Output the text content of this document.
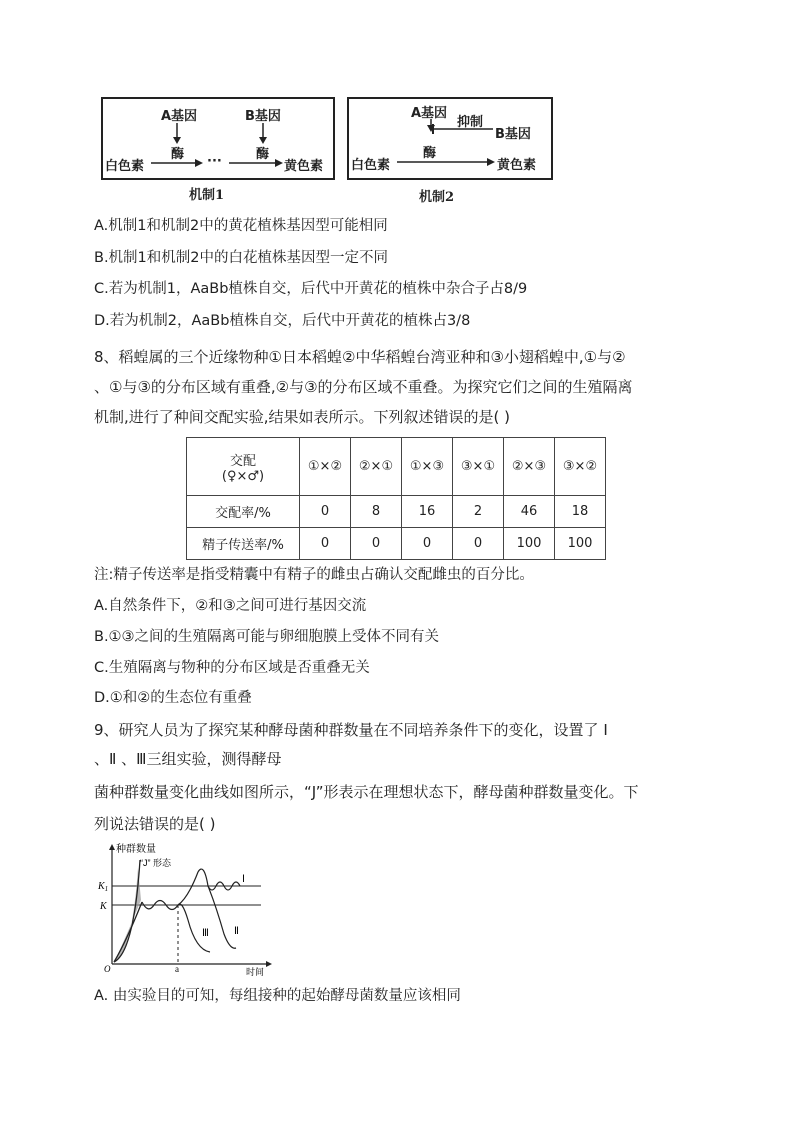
A基因	B基因
酶	酶
···
白色素	黄色素
机制1
A基因
抑制
B基因
酶
白色素	黄色素
机制2
A.机制1和机制2中的黄花植株基因型可能相同
B.机制1和机制2中的白花植株基因型一定不同
C.若为机制1，AaBb植株自交，后代中开黄花的植株中杂合子占8/9
D.若为机制2，AaBb植株自交，后代中开黄花的植株占3/8
8、稻蝗属的三个近缘物种①日本稻蝗②中华稻蝗台湾亚种和③小翅稻蝗中,①与②
、①与③的分布区域有重叠,②与③的分布区域不重叠。为探究它们之间的生殖隔离
机制,进行了种间交配实验,结果如表所示。下列叙述错误的是( )
交配
(♀×♂)	①×②	②×①	①×③	③×①	②×③	③×②
交配率/%	0	8	16	2	46	18
精子传送率/%	0	0	0	0	100	100
注:精子传送率是指受精囊中有精子的雌虫占确认交配雌虫的百分比。
A.自然条件下，②和③之间可进行基因交流
B.①③之间的生殖隔离可能与卵细胞膜上受体不同有关
C.生殖隔离与物种的分布区域是否重叠无关
D.①和②的生态位有重叠
9、研究人员为了探究某种酵母菌种群数量在不同培养条件下的变化，设置了 I
、Ⅱ 、Ⅲ三组实验，测得酵母
菌种群数量变化曲线如图所示，“J”形表示在理想状态下，酵母菌种群数量变化。下
列说法错误的是( )
种群数量
“J” 形态
$K_1$
K
Ⅰ
Ⅱ
Ⅲ
O	a	时间
A. 由实验目的可知，每组接种的起始酵母菌数量应该相同
